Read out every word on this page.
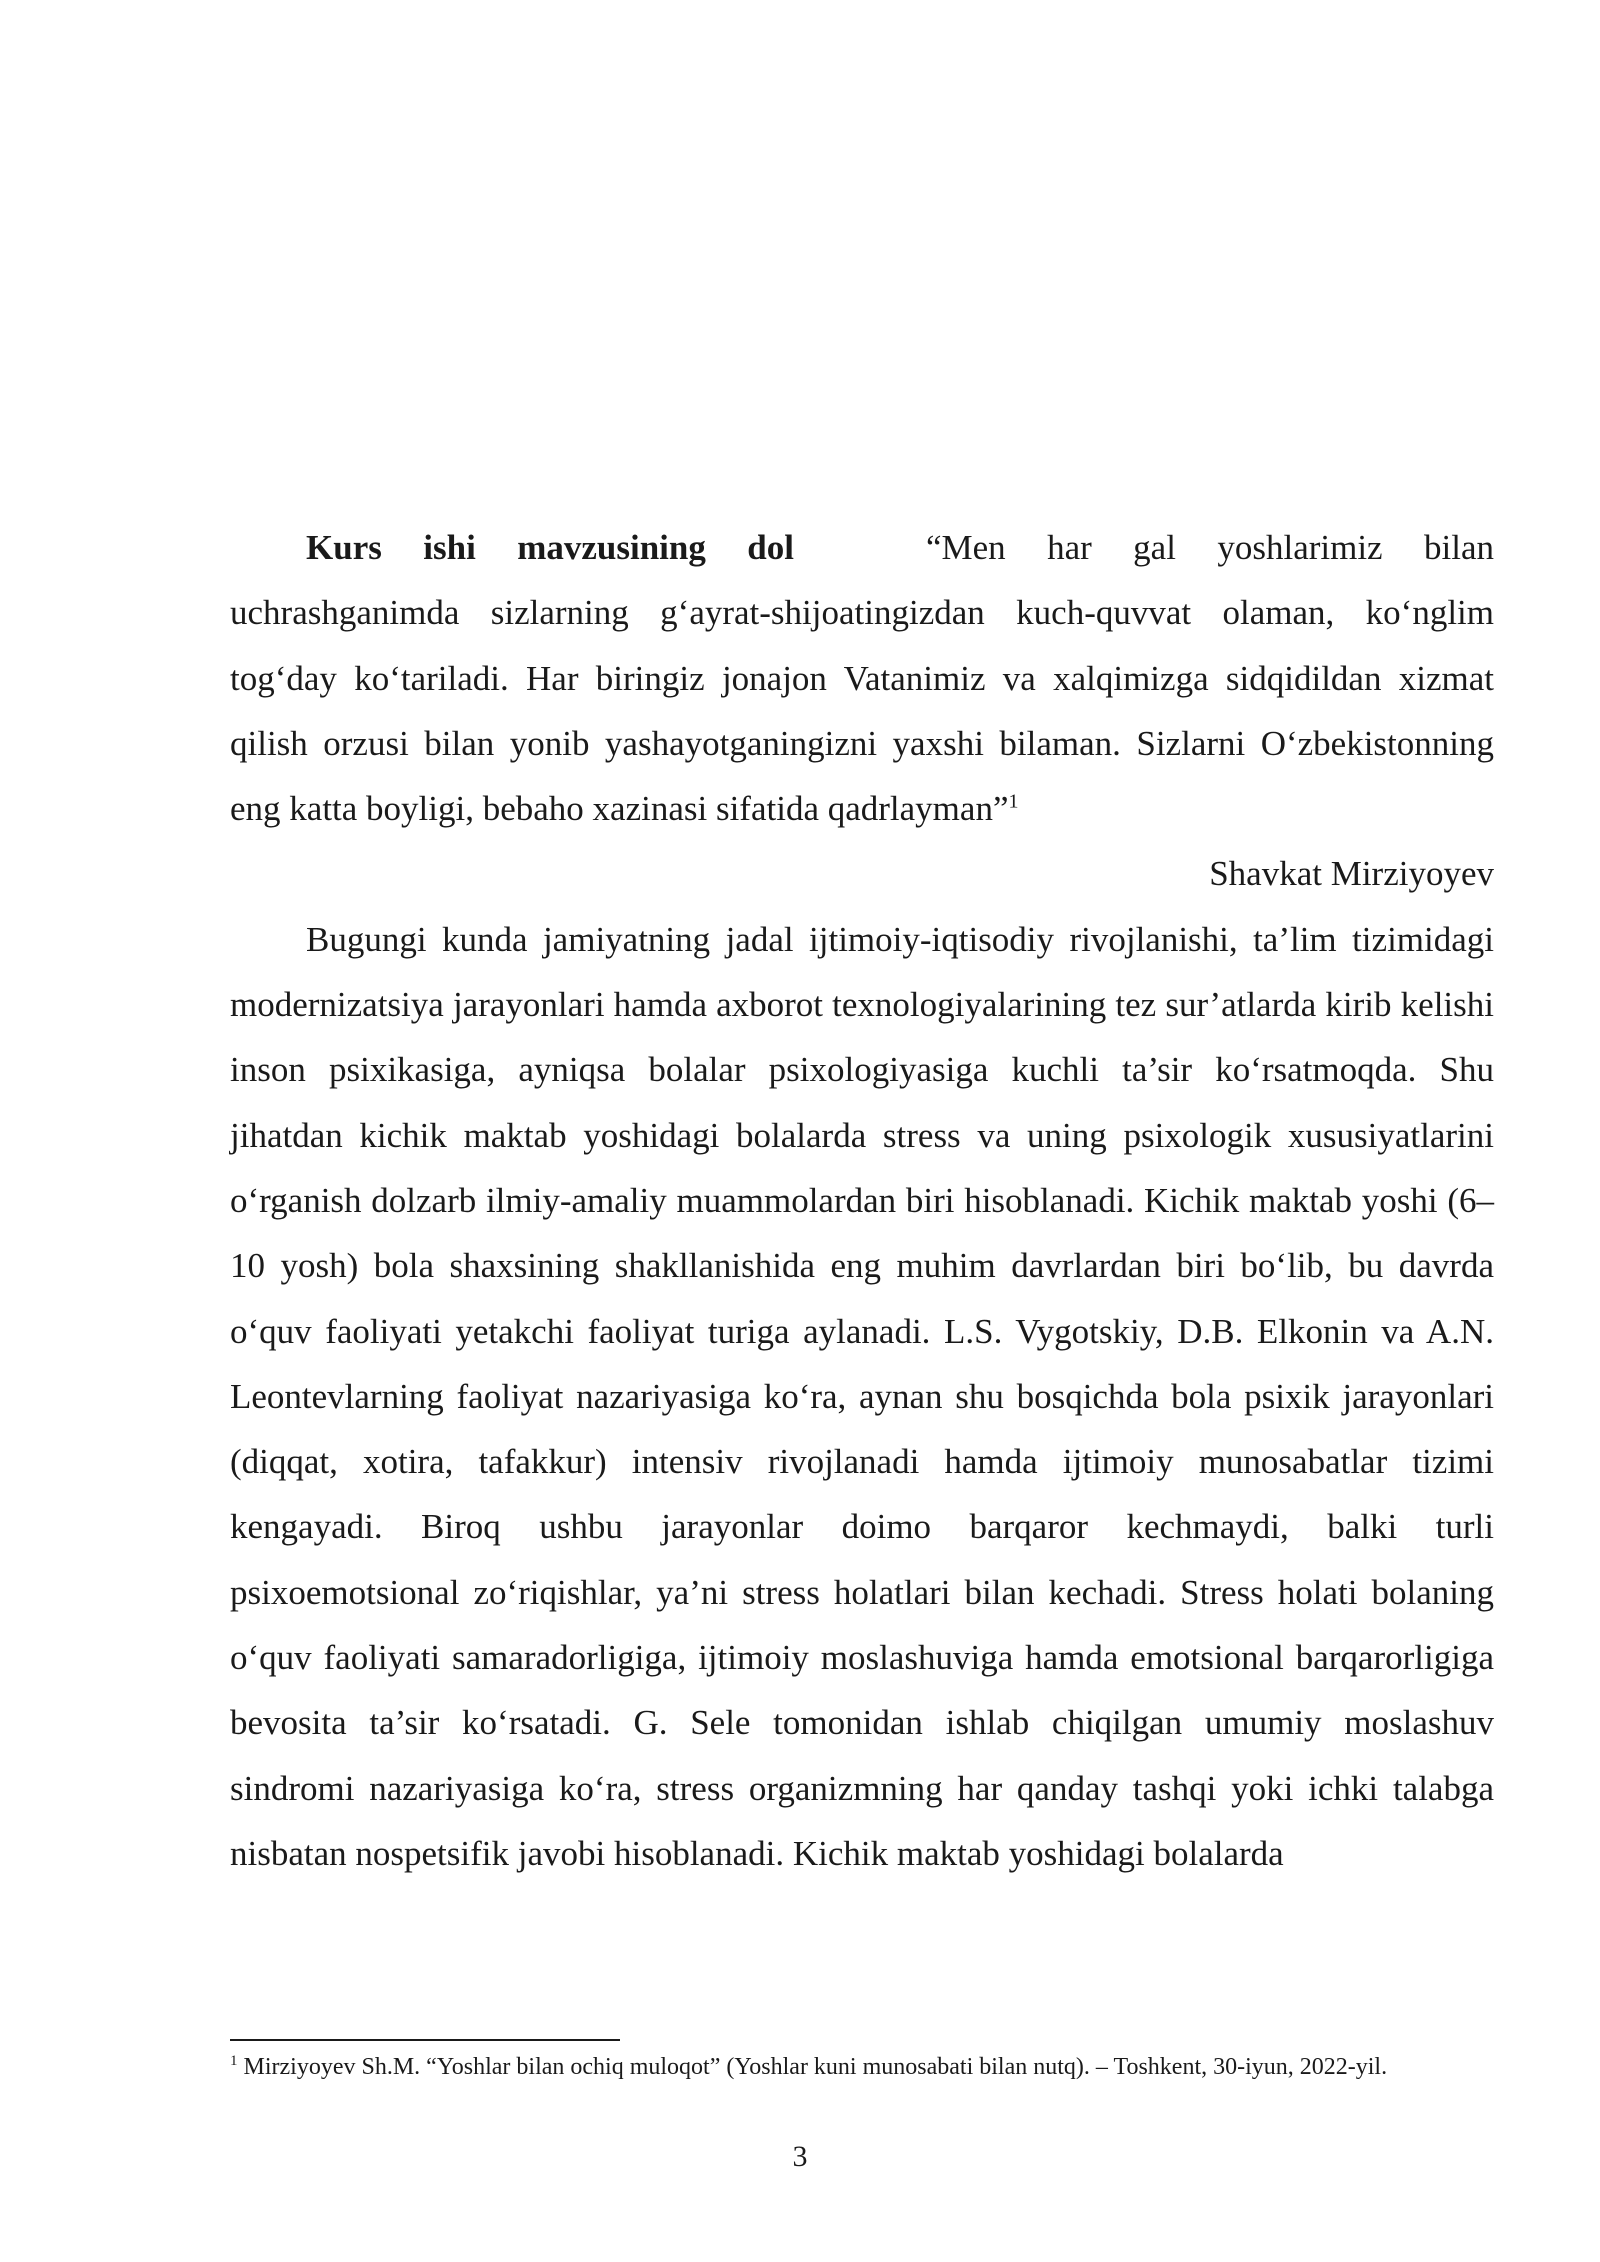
Kurs ishi mavzusining dol	“Men har gal yoshlarimiz bilan uchrashganimda sizlarning g‘ayrat-shijoatingizdan kuch-quvvat olaman, ko‘nglim tog‘day ko‘tariladi. Har biringiz jonajon Vatanimiz va xalqimizga sidqidildan xizmat qilish orzusi bilan yonib yashayotganingizni yaxshi bilaman. Sizlarni O‘zbekistonning eng katta boyligi, bebaho xazinasi sifatida qadrlayman”$^1$

Shavkat Mirziyoyev

Bugungi kunda jamiyatning jadal ijtimoiy-iqtisodiy rivojlanishi, ta’lim tizimidagi modernizatsiya jarayonlari hamda axborot texnologiyalarining tez sur’atlarda kirib kelishi inson psixikasiga, ayniqsa bolalar psixologiyasiga kuchli ta’sir ko‘rsatmoqda. Shu jihatdan kichik maktab yoshidagi bolalarda stress va uning psixologik xususiyatlarini o‘rganish dolzarb ilmiy-amaliy muammolardan biri hisoblanadi. Kichik maktab yoshi (6–10 yosh) bola shaxsining shakllanishida eng muhim davrlardan biri bo‘lib, bu davrda o‘quv faoliyati yetakchi faoliyat turiga aylanadi. L.S. Vygotskiy, D.B. Elkonin va A.N. Leontevlarning faoliyat nazariyasiga ko‘ra, aynan shu bosqichda bola psixik jarayonlari (diqqat, xotira, tafakkur) intensiv rivojlanadi hamda ijtimoiy munosabatlar tizimi kengayadi. Biroq ushbu jarayonlar doimo barqaror kechmaydi, balki turli psixoemotsional zo‘riqishlar, ya’ni stress holatlari bilan kechadi. Stress holati bolaning o‘quv faoliyati samaradorligiga, ijtimoiy moslashuviga hamda emotsional barqarorligiga bevosita ta’sir ko‘rsatadi. G. Sele tomonidan ishlab chiqilgan umumiy moslashuv sindromi nazariyasiga ko‘ra, stress organizmning har qanday tashqi yoki ichki talabga nisbatan nospetsifik javobi hisoblanadi. Kichik maktab yoshidagi bolalarda

$^1$ Mirziyoyev Sh.M. “Yoshlar bilan ochiq muloqot” (Yoshlar kuni munosabati bilan nutq). – Toshkent, 30-iyun, 2022-yil.
3
